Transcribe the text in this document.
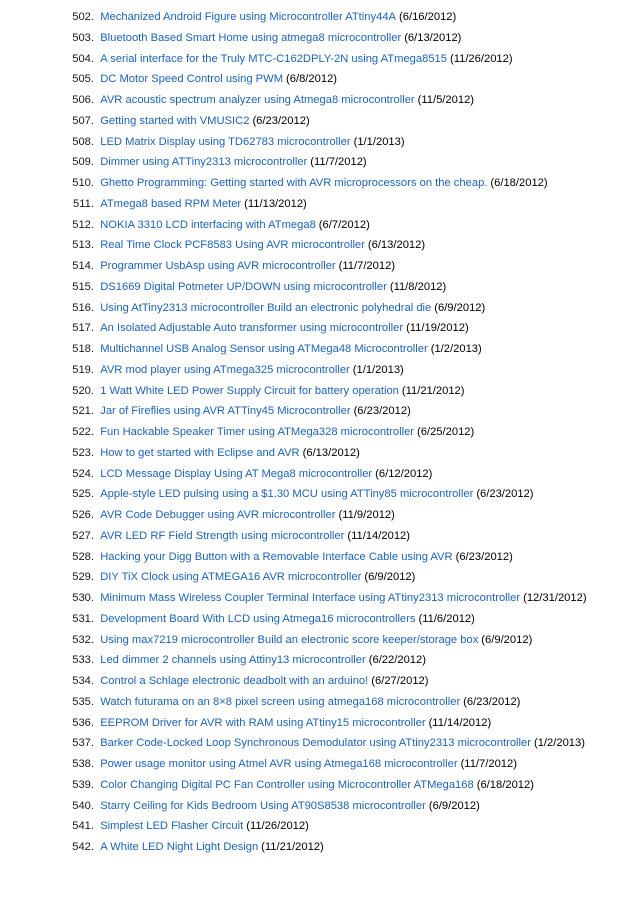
502. Mechanized Android Figure using Microcontroller ATtiny44A (6/16/2012)
503. Bluetooth Based Smart Home using atmega8 microcontroller (6/13/2012)
504. A serial interface for the Truly MTC-C162DPLY-2N using ATmega8515 (11/26/2012)
505. DC Motor Speed Control using PWM (6/8/2012)
506. AVR acoustic spectrum analyzer using Atmega8 microcontroller (11/5/2012)
507. Getting started with VMUSIC2 (6/23/2012)
508. LED Matrix Display using TD62783 microcontroller (1/1/2013)
509. Dimmer using ATTiny2313 microcontroller (11/7/2012)
510. Ghetto Programming: Getting started with AVR microprocessors on the cheap. (6/18/2012)
511. ATmega8 based RPM Meter (11/13/2012)
512. NOKIA 3310 LCD interfacing with ATmega8 (6/7/2012)
513. Real Time Clock PCF8583 Using AVR microcontroller (6/13/2012)
514. Programmer UsbAsp using AVR microcontroller (11/7/2012)
515. DS1669 Digital Potmeter UP/DOWN using microcontroller (11/8/2012)
516. Using AtTiny2313 microcontroller Build an electronic polyhedral die (6/9/2012)
517. An Isolated Adjustable Auto transformer using microcontroller (11/19/2012)
518. Multichannel USB Analog Sensor using ATMega48 Microcontroller (1/2/2013)
519. AVR mod player using ATmega325 microcontroller (1/1/2013)
520. 1 Watt White LED Power Supply Circuit for battery operation (11/21/2012)
521. Jar of Fireflies using AVR ATTiny45 Microcontroller (6/23/2012)
522. Fun Hackable Speaker Timer using ATMega328 microcontroller (6/25/2012)
523. How to get started with Eclipse and AVR (6/13/2012)
524. LCD Message Display Using AT Mega8 microcontroller (6/12/2012)
525. Apple-style LED pulsing using a $1.30 MCU using ATTiny85 microcontroller (6/23/2012)
526. AVR Code Debugger using AVR microcontroller (11/9/2012)
527. AVR LED RF Field Strength using microcontroller (11/14/2012)
528. Hacking your Digg Button with a Removable Interface Cable using AVR (6/23/2012)
529. DIY TiX Clock using ATMEGA16 AVR microcontroller (6/9/2012)
530. Minimum Mass Wireless Coupler Terminal Interface using ATtiny2313 microcontroller (12/31/2012)
531. Development Board With LCD using Atmega16 microcontrollers (11/6/2012)
532. Using max7219 microcontroller Build an electronic score keeper/storage box (6/9/2012)
533. Led dimmer 2 channels using Attiny13 microcontroller (6/22/2012)
534. Control a Schlage electronic deadbolt with an arduino! (6/27/2012)
535. Watch futurama on an 8×8 pixel screen using atmega168 microcontroller (6/23/2012)
536. EEPROM Driver for AVR with RAM using ATtiny15 microcontroller (11/14/2012)
537. Barker Code-Locked Loop Synchronous Demodulator using ATtiny2313 microcontroller (1/2/2013)
538. Power usage monitor using Atmel AVR using Atmega168 microcontroller (11/7/2012)
539. Color Changing Digital PC Fan Controller using Microcontroller ATMega168 (6/18/2012)
540. Starry Ceiling for Kids Bedroom Using AT90S8538 microcontroller (6/9/2012)
541. Simplest LED Flasher Circuit (11/26/2012)
542. A White LED Night Light Design (11/21/2012)
